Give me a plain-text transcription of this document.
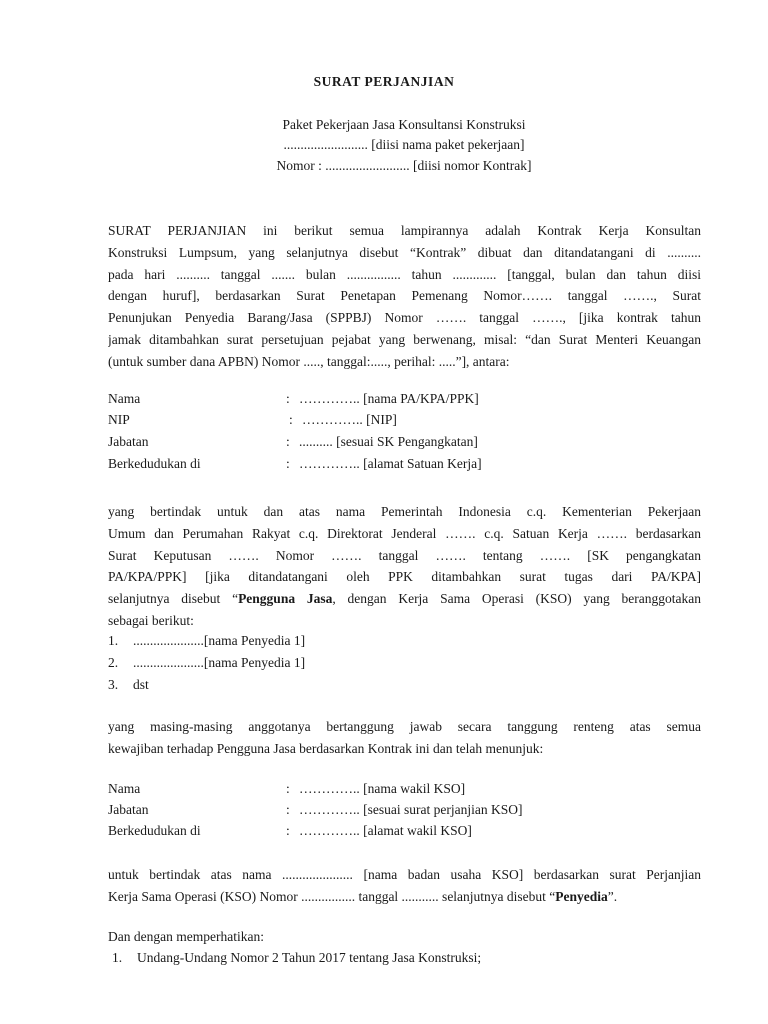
SURAT PERJANJIAN
Paket Pekerjaan Jasa Konsultansi Konstruksi
......................... [diisi nama paket pekerjaan]
Nomor : ......................... [diisi nomor Kontrak]
SURAT PERJANJIAN ini berikut semua lampirannya adalah Kontrak Kerja Konsultan
Konstruksi Lumpsum, yang selanjutnya disebut “Kontrak” dibuat dan ditandatangani di ..........
pada hari .......... tanggal ....... bulan ................ tahun ............. [tanggal, bulan dan tahun diisi
dengan huruf], berdasarkan Surat Penetapan Pemenang Nomor……. tanggal ……., Surat
Penunjukan Penyedia Barang/Jasa (SPPBJ) Nomor ……. tanggal ……., [jika kontrak tahun
jamak ditambahkan surat persetujuan pejabat yang berwenang, misal: “dan Surat Menteri Keuangan
(untuk sumber dana APBN) Nomor ....., tanggal:....., perihal: .....”], antara:
Nama	: ………….. [nama PA/KPA/PPK]
NIP	: ………….. [NIP]
Jabatan	: .......... [sesuai SK Pengangkatan]
Berkedudukan di	: ………….. [alamat Satuan Kerja]
yang bertindak untuk dan atas nama Pemerintah Indonesia c.q. Kementerian Pekerjaan
Umum dan Perumahan Rakyat c.q. Direktorat Jenderal ……. c.q. Satuan Kerja ……. berdasarkan
Surat Keputusan ……. Nomor ……. tanggal ……. tentang ……. [SK pengangkatan
PA/KPA/PPK] [jika ditandatangani oleh PPK ditambahkan surat tugas dari PA/KPA]
selanjutnya disebut “Pengguna Jasa, dengan Kerja Sama Operasi (KSO) yang beranggotakan
sebagai berikut:
1. .....................[nama Penyedia 1]
2. .....................[nama Penyedia 1]
3. dst
yang masing-masing anggotanya bertanggung jawab secara tanggung renteng atas semua
kewajiban terhadap Pengguna Jasa berdasarkan Kontrak ini dan telah menunjuk:
Nama	: ………….. [nama wakil KSO]
Jabatan	: ………….. [sesuai surat perjanjian KSO]
Berkedudukan di	: ………….. [alamat wakil KSO]
untuk bertindak atas nama ..................... [nama badan usaha KSO] berdasarkan surat Perjanjian
Kerja Sama Operasi (KSO) Nomor ................ tanggal ........... selanjutnya disebut “Penyedia”.
Dan dengan memperhatikan:
1. Undang-Undang Nomor 2 Tahun 2017 tentang Jasa Konstruksi;
